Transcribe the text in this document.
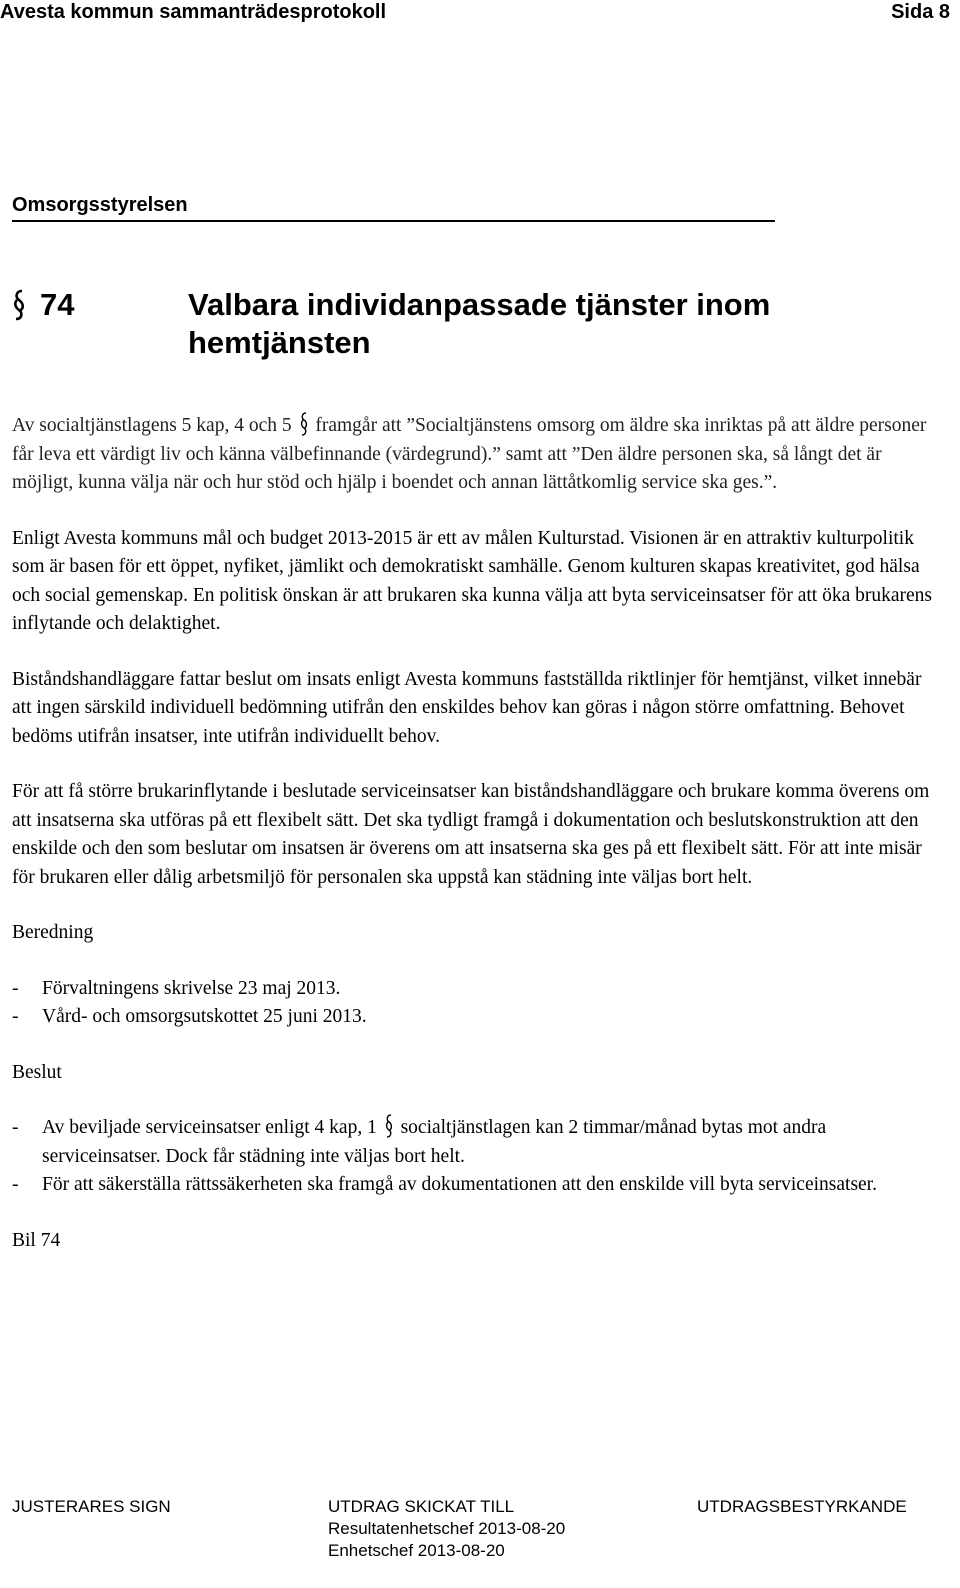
Avesta kommun sammanträdesprotokoll	Sida 8
Omsorgsstyrelsen
74	Valbara individanpassade tjänster inom
hemtjänsten

Av socialtjänstlagens 5 kap, 4 och 5 framgår att ”Socialtjänstens omsorg om äldre ska inriktas på att äldre personer får leva ett värdigt liv och känna välbefinnande (värdegrund).” samt att ”Den äldre personen ska, så långt det är möjligt, kunna välja när och hur stöd och hjälp i boendet och annan lättåtkomlig service ska ges.”.

Enligt Avesta kommuns mål och budget 2013-2015 är ett av målen Kulturstad. Visionen är en attraktiv kulturpolitik som är basen för ett öppet, nyfiket, jämlikt och demokratiskt samhälle. Genom kulturen skapas kreativitet, god hälsa och social gemenskap. En politisk önskan är att brukaren ska kunna välja att byta serviceinsatser för att öka brukarens inflytande och delaktighet.

Biståndshandläggare fattar beslut om insats enligt Avesta kommuns fastställda riktlinjer för hemtjänst, vilket innebär att ingen särskild individuell bedömning utifrån den enskildes behov kan göras i någon större omfattning. Behovet bedöms utifrån insatser, inte utifrån individuellt behov.

För att få större brukarinflytande i beslutade serviceinsatser kan biståndshandläggare och brukare komma överens om att insatserna ska utföras på ett flexibelt sätt. Det ska tydligt framgå i dokumentation och beslutskonstruktion att den enskilde och den som beslutar om insatsen är överens om att insatserna ska ges på ett flexibelt sätt. För att inte misär för brukaren eller dålig arbetsmiljö för personalen ska uppstå kan städning inte väljas bort helt.

Beredning

- Förvaltningens skrivelse 23 maj 2013.
- Vård- och omsorgsutskottet 25 juni 2013.

Beslut

- Av beviljade serviceinsatser enligt 4 kap, 1 socialtjänstlagen kan 2 timmar/månad bytas mot andra serviceinsatser. Dock får städning inte väljas bort helt.
- För att säkerställa rättssäkerheten ska framgå av dokumentationen att den enskilde vill byta serviceinsatser.

Bil 74

JUSTERARES SIGN	UTDRAG SKICKAT TILL
Resultatenhetschef 2013-08-20
Enhetschef 2013-08-20
UTDRAGSBESTYRKANDE
